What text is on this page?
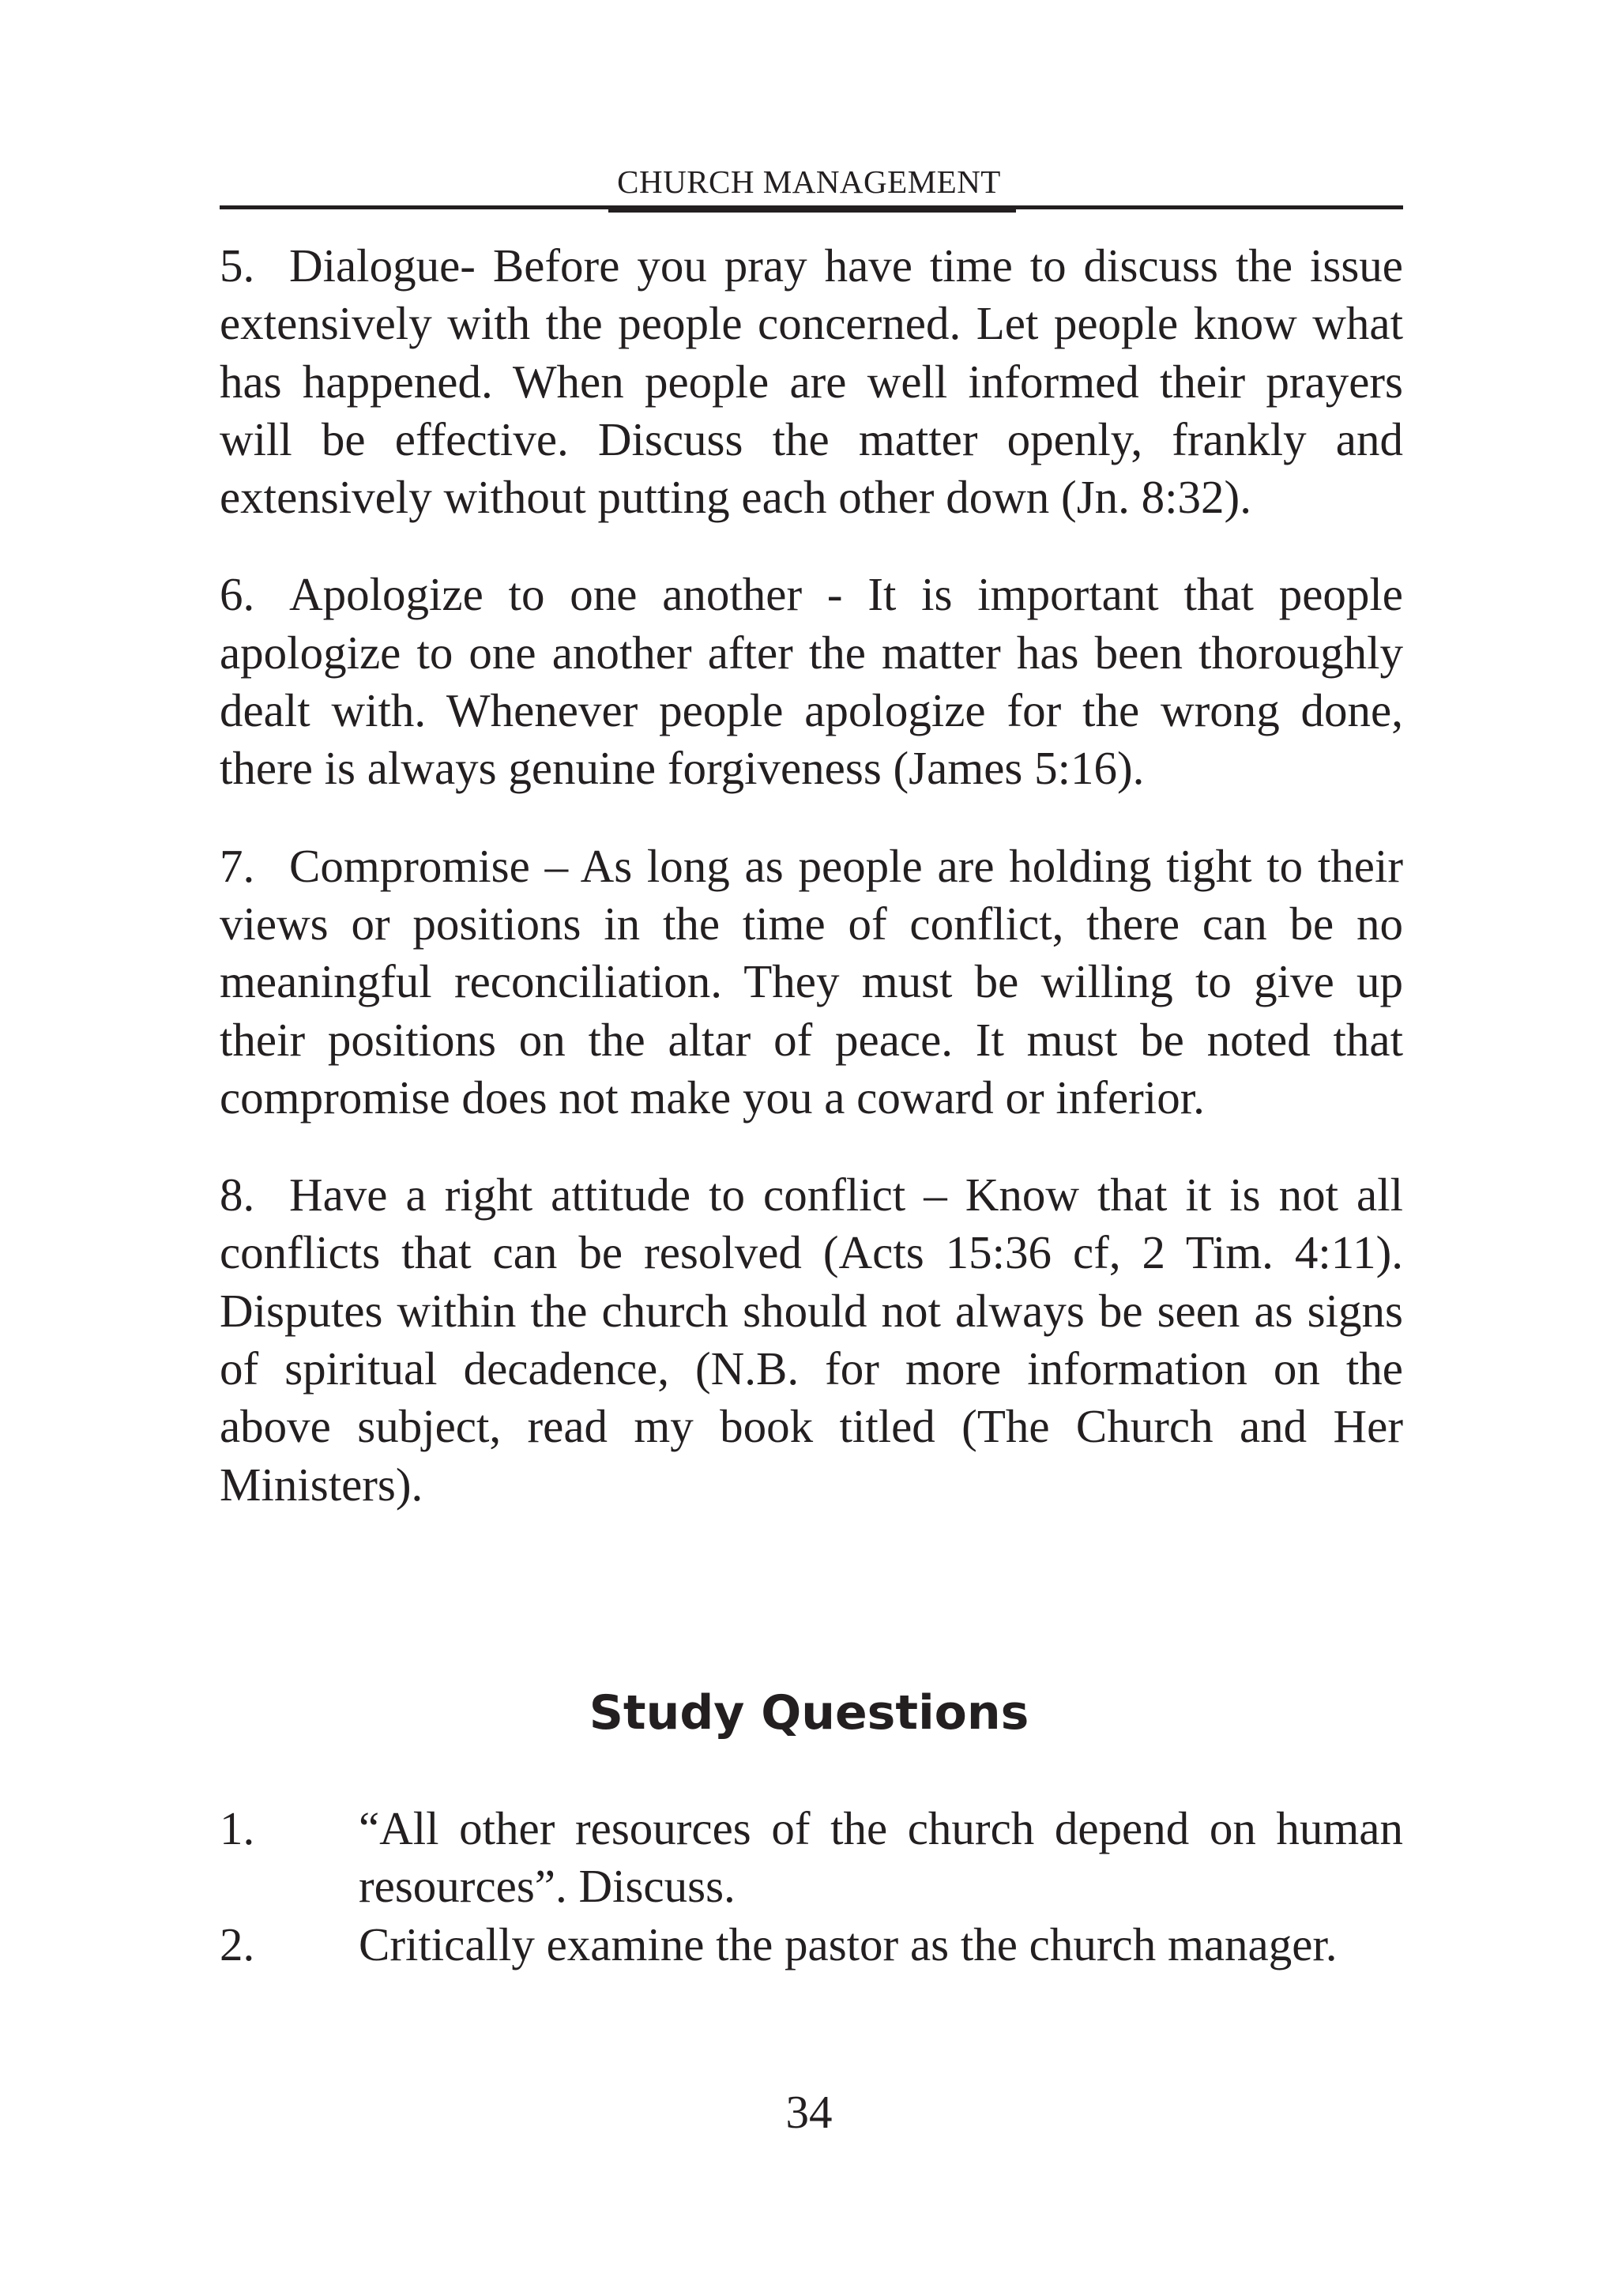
CHURCH MANAGEMENT

5. Dialogue- Before you pray have time to discuss the issue extensively with the people concerned. Let people know what has happened. When people are well informed their prayers will be effective. Discuss the matter openly, frankly and extensively without putting each other down (Jn. 8:32).

6. Apologize to one another - It is important that people apologize to one another after the matter has been thoroughly dealt with. Whenever people apologize for the wrong done, there is always genuine forgiveness (James 5:16).

7. Compromise – As long as people are holding tight to their views or positions in the time of conflict, there can be no meaningful reconciliation. They must be willing to give up their positions on the altar of peace. It must be noted that compromise does not make you a coward or inferior.

8. Have a right attitude to conflict – Know that it is not all conflicts that can be resolved (Acts 15:36 cf, 2 Tim. 4:11). Disputes within the church should not always be seen as signs of spiritual decadence, (N.B. for more information on the above subject, read my book titled (The Church and Her Ministers).

Study Questions
1.	“All other resources of the church depend on human resources”. Discuss.
2.	Critically examine the pastor as the church manager.
34
